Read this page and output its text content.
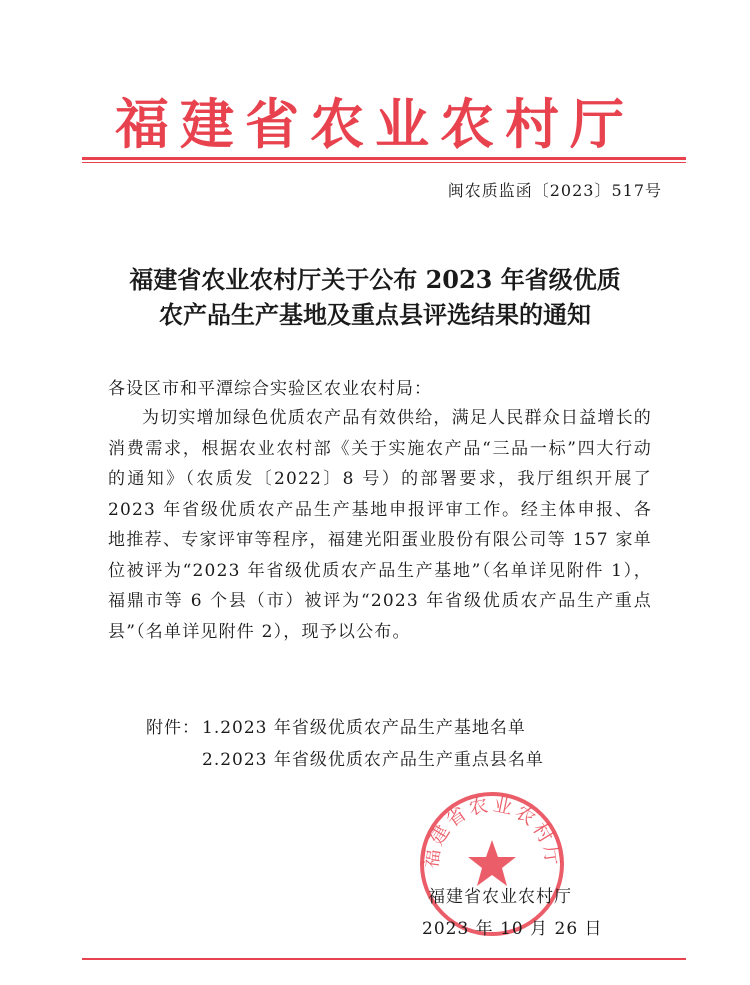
福建省农业农村厅
闽农质监函〔2023〕517号
福建省农业农村厅关于公布 2023 年省级优质
农产品生产基地及重点县评选结果的通知
各设区市和平潭综合实验区农业农村局：
为切实增加绿色优质农产品有效供给，满足人民群众日益增长的消费需求，根据农业农村部《关于实施农产品“三品一标”四大行动的通知》（农质发〔2022〕8 号）的部署要求，我厅组织开展了 2023 年省级优质农产品生产基地申报评审工作。经主体申报、各地推荐、专家评审等程序，福建光阳蛋业股份有限公司等 157 家单位被评为“2023 年省级优质农产品生产基地”（名单详见附件 1），福鼎市等 6 个县（市）被评为“2023 年省级优质农产品生产重点县”（名单详见附件 2），现予以公布。
附件： 1.2023 年省级优质农产品生产基地名单
2.2023 年省级优质农产品生产重点县名单
福建省农业农村厅
福建省农业农村厅
2023 年 10 月 26 日
